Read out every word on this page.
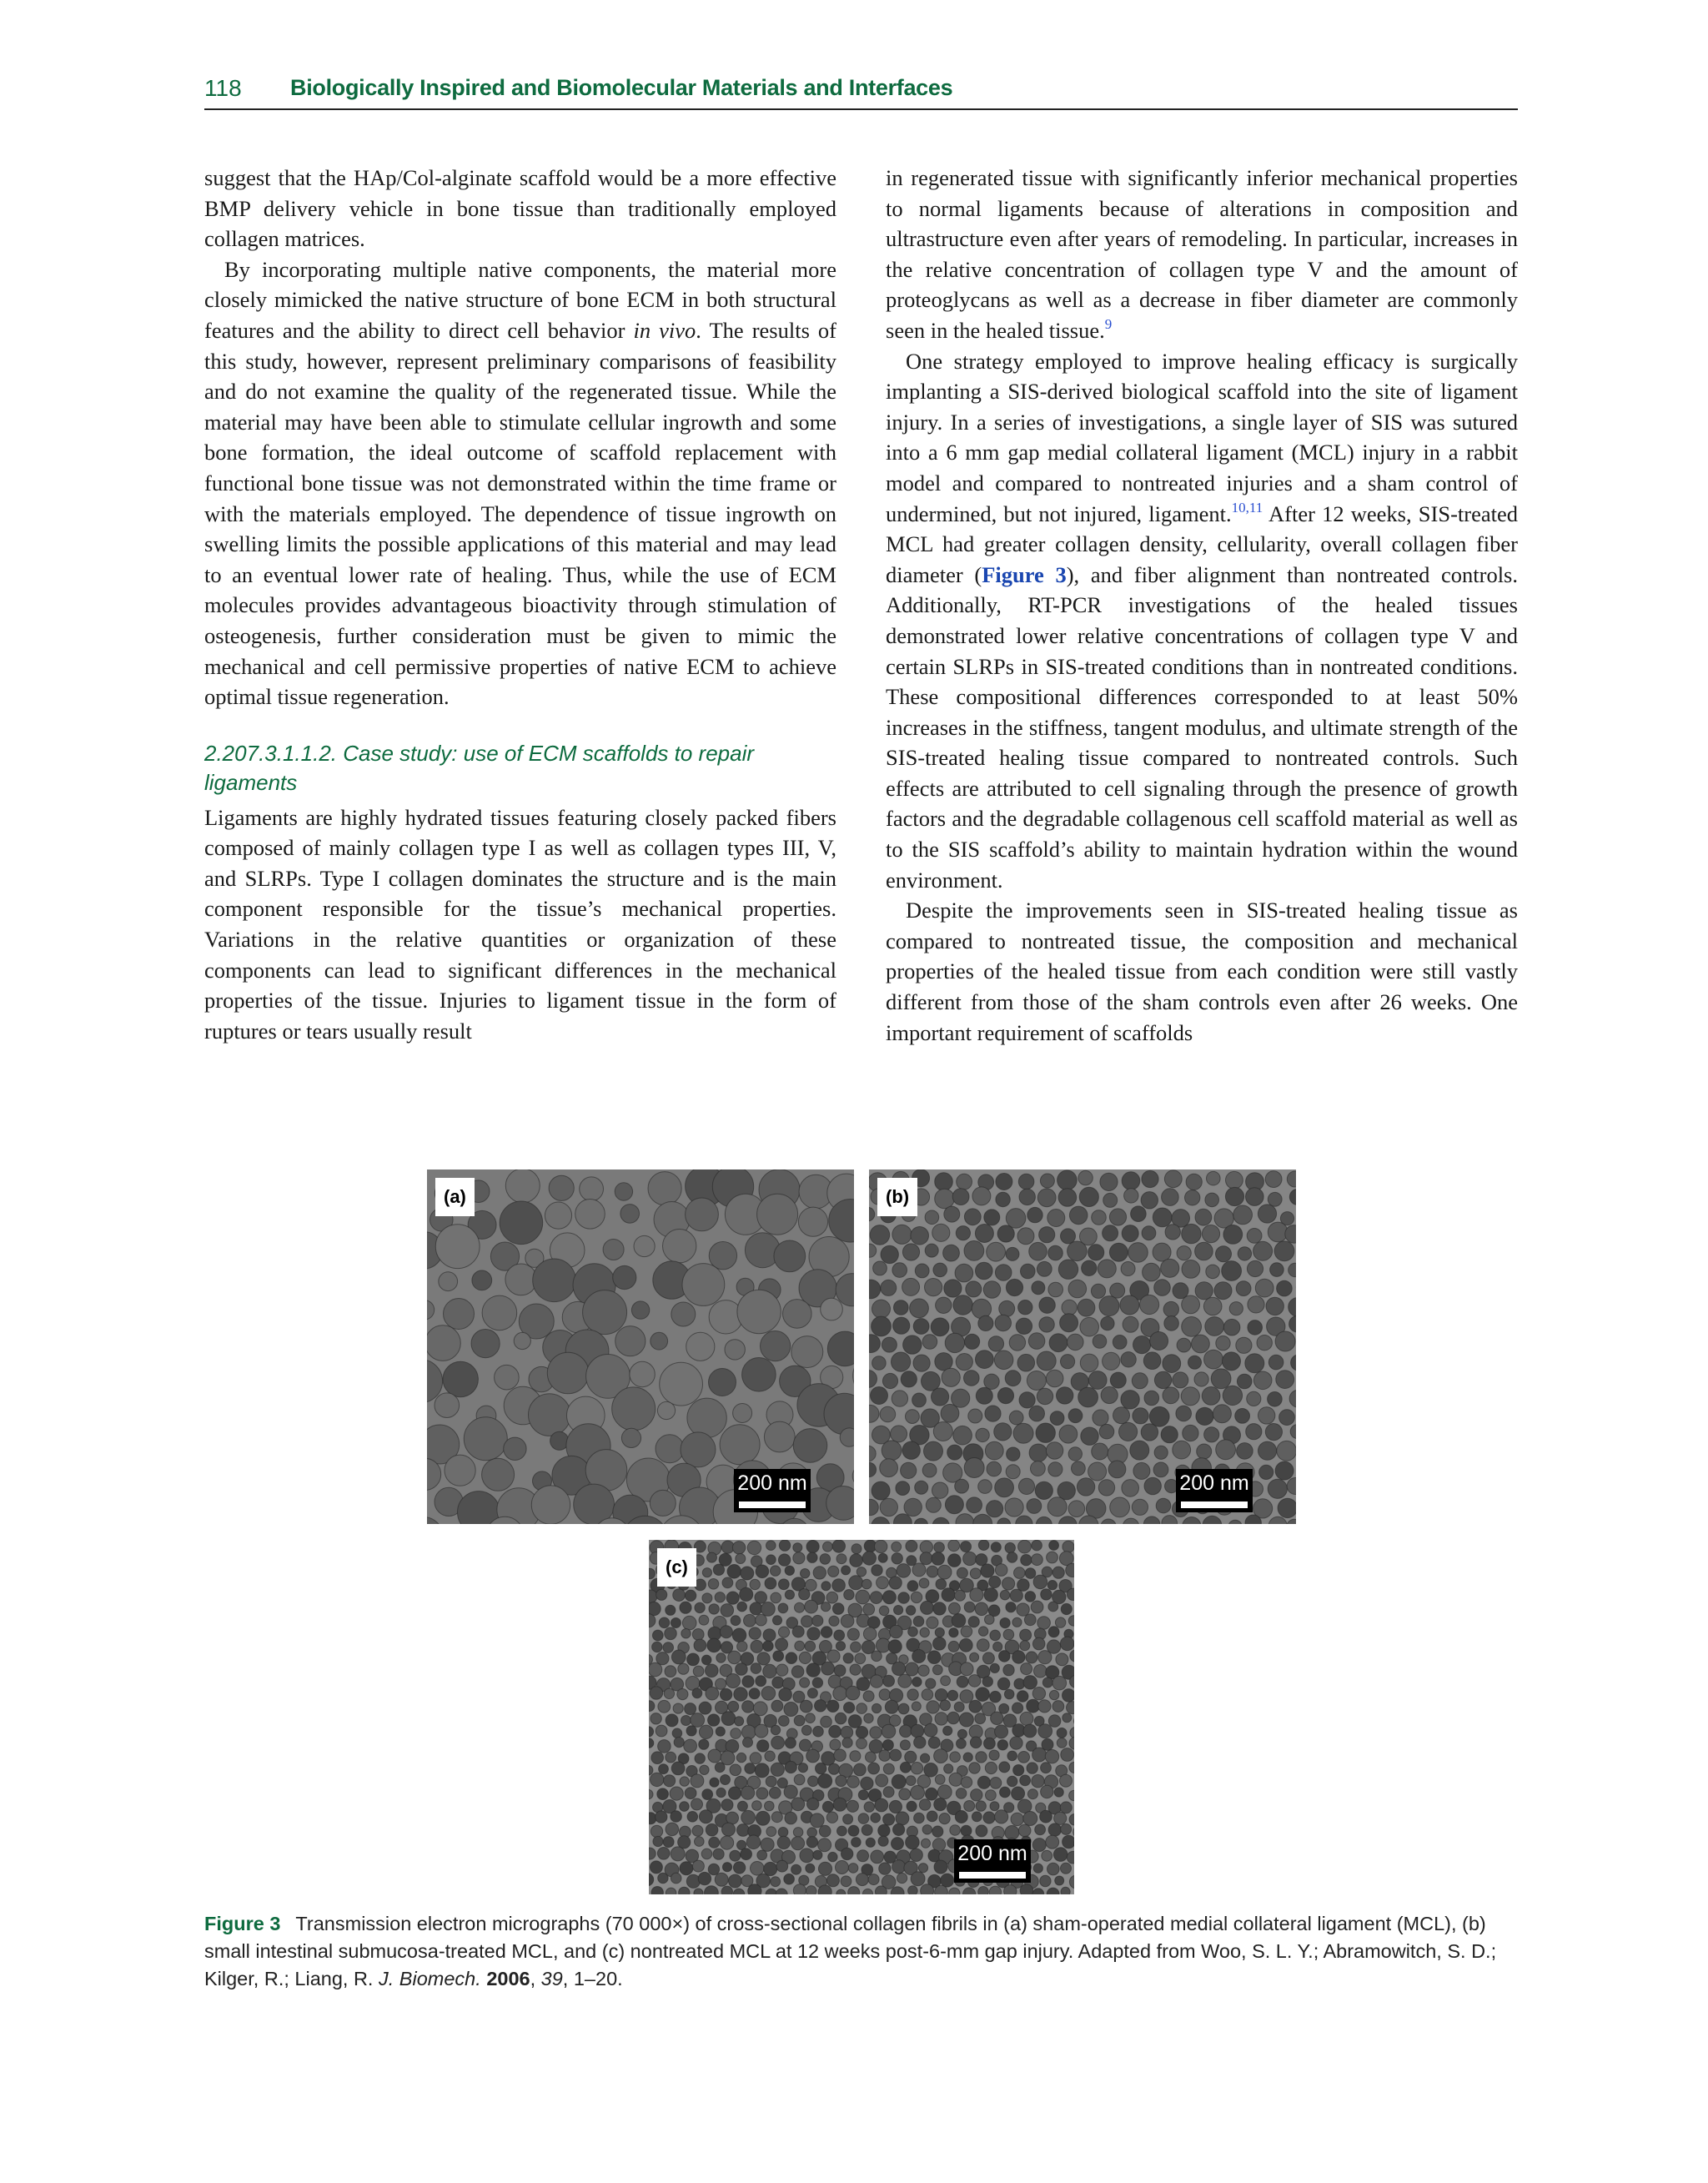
118 Biologically Inspired and Biomolecular Materials and Interfaces

suggest that the HAp/Col-alginate scaffold would be a more effective BMP delivery vehicle in bone tissue than traditionally employed collagen matrices.

By incorporating multiple native components, the material more closely mimicked the native structure of bone ECM in both structural features and the ability to direct cell behavior in vivo. The results of this study, however, represent preliminary comparisons of feasibility and do not examine the quality of the regenerated tissue. While the material may have been able to stimulate cellular ingrowth and some bone formation, the ideal outcome of scaffold replacement with functional bone tissue was not demonstrated within the time frame or with the materials employed. The dependence of tissue ingrowth on swelling limits the possible applications of this material and may lead to an eventual lower rate of healing. Thus, while the use of ECM molecules provides advantageous bioactivity through stimulation of osteogenesis, further consideration must be given to mimic the mechanical and cell permissive properties of native ECM to achieve optimal tissue regeneration.

2.207.3.1.1.2. Case study: use of ECM scaffolds to repair ligaments

Ligaments are highly hydrated tissues featuring closely packed fibers composed of mainly collagen type I as well as collagen types III, V, and SLRPs. Type I collagen dominates the structure and is the main component responsible for the tissue’s mechanical properties. Variations in the relative quantities or organization of these components can lead to significant differences in the mechanical properties of the tissue. Injuries to ligament tissue in the form of ruptures or tears usually result

in regenerated tissue with significantly inferior mechanical properties to normal ligaments because of alterations in composition and ultrastructure even after years of remodeling. In particular, increases in the relative concentration of collagen type V and the amount of proteoglycans as well as a decrease in fiber diameter are commonly seen in the healed tissue.$^9$

One strategy employed to improve healing efficacy is surgically implanting a SIS-derived biological scaffold into the site of ligament injury. In a series of investigations, a single layer of SIS was sutured into a 6 mm gap medial collateral ligament (MCL) injury in a rabbit model and compared to nontreated injuries and a sham control of undermined, but not injured, ligament.$^{10,11}$ After 12 weeks, SIS-treated MCL had greater collagen density, cellularity, overall collagen fiber diameter (Figure 3), and fiber alignment than nontreated controls. Additionally, RT-PCR investigations of the healed tissues demonstrated lower relative concentrations of collagen type V and certain SLRPs in SIS-treated conditions than in nontreated conditions. These compositional differences corresponded to at least 50% increases in the stiffness, tangent modulus, and ultimate strength of the SIS-treated healing tissue compared to nontreated controls. Such effects are attributed to cell signaling through the presence of growth factors and the degradable collagenous cell scaffold material as well as to the SIS scaffold’s ability to maintain hydration within the wound environment.

Despite the improvements seen in SIS-treated healing tissue as compared to nontreated tissue, the composition and mechanical properties of the healed tissue from each condition were still vastly different from those of the sham controls even after 26 weeks. One important requirement of scaffolds

(a)
200 nm
(b)
200 nm
(c)
200 nm
Figure 3 Transmission electron micrographs (70 000×) of cross-sectional collagen fibrils in (a) sham-operated medial collateral ligament (MCL), (b) small intestinal submucosa-treated MCL, and (c) nontreated MCL at 12 weeks post-6-mm gap injury. Adapted from Woo, S. L. Y.; Abramowitch, S. D.; Kilger, R.; Liang, R. J. Biomech. 2006, 39, 1–20.
